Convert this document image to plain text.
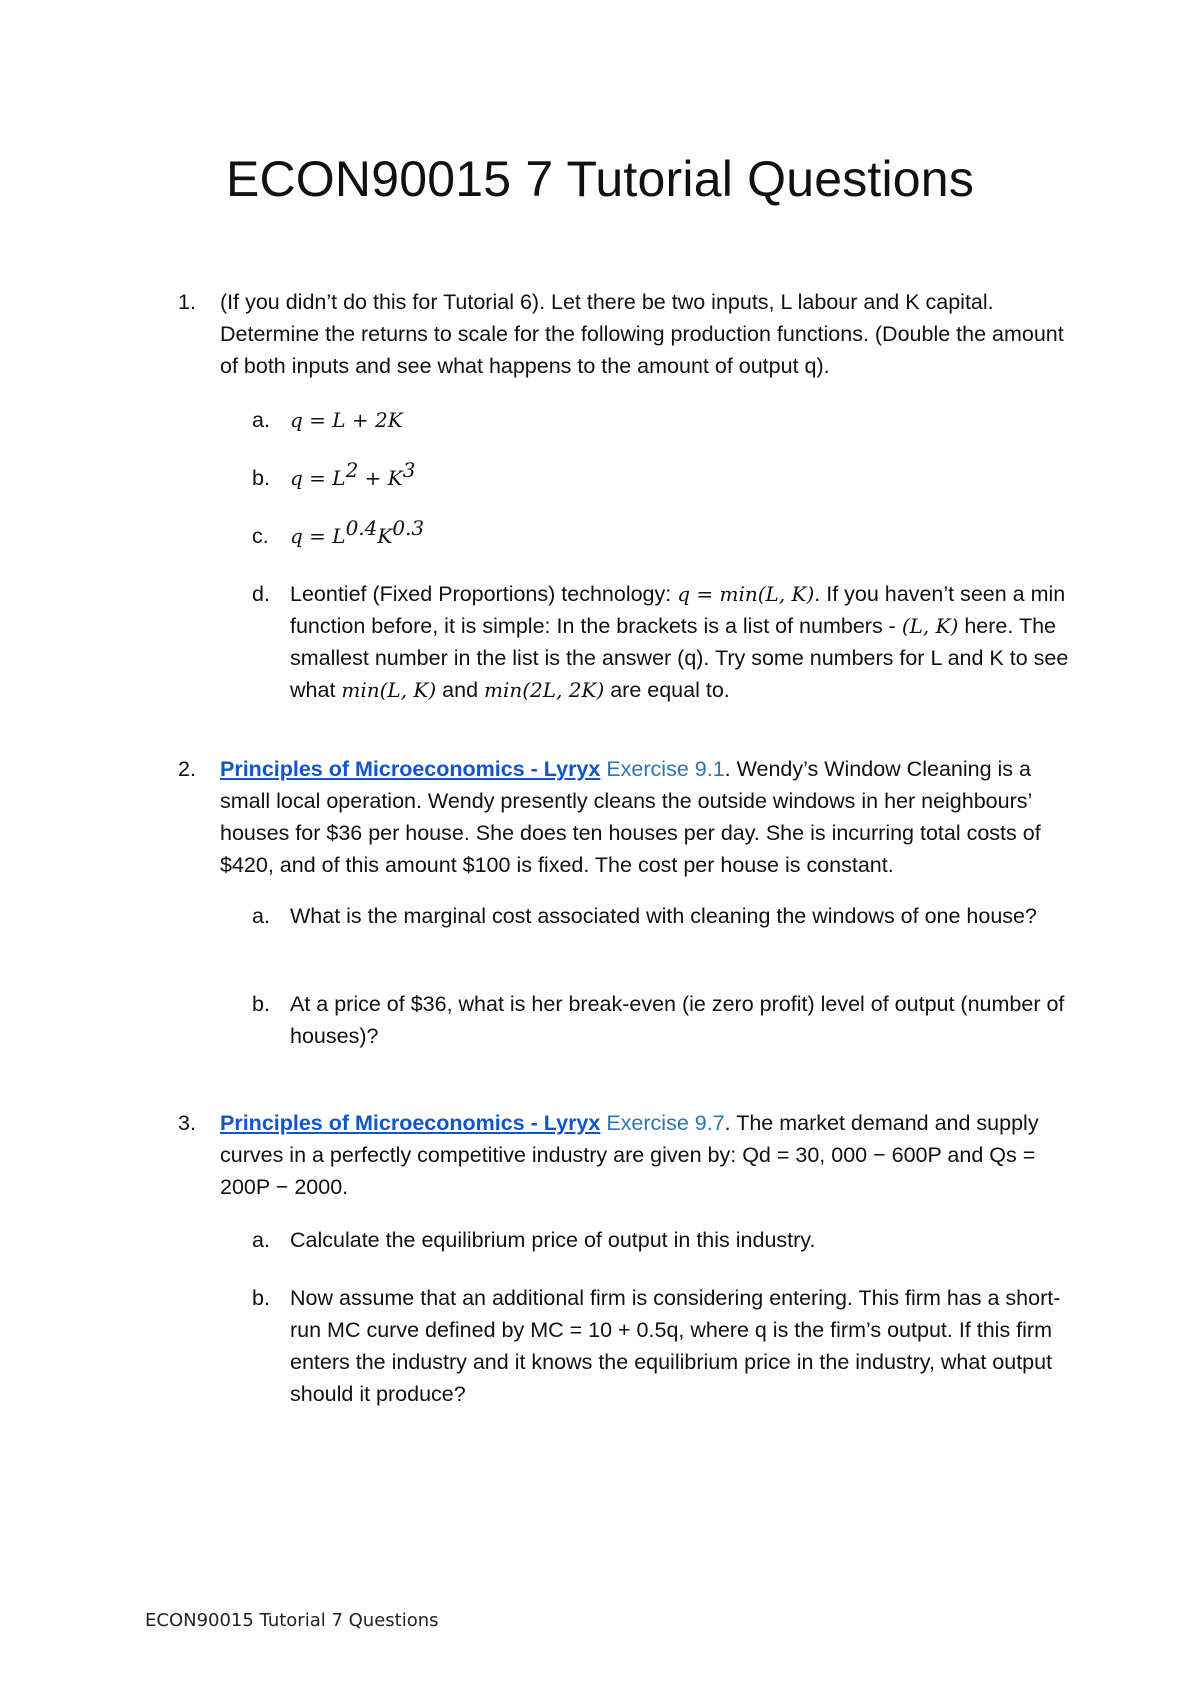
ECON90015 7 Tutorial Questions
1. (If you didn’t do this for Tutorial 6). Let there be two inputs, L labour and K capital. Determine the returns to scale for the following production functions. (Double the amount of both inputs and see what happens to the amount of output q).
a. q = L + 2K
b. $q = L^2 + K^3$
c. $q = L^{0.4}K^{0.3}$
d. Leontief (Fixed Proportions) technology: q = min(L, K). If you haven’t seen a min function before, it is simple: In the brackets is a list of numbers - (L, K) here. The smallest number in the list is the answer (q). Try some numbers for L and K to see what min(L, K) and min(2L, 2K) are equal to.
2. Principles of Microeconomics - Lyryx Exercise 9.1. Wendy’s Window Cleaning is a small local operation. Wendy presently cleans the outside windows in her neighbours’ houses for $36 per house. She does ten houses per day. She is incurring total costs of $420, and of this amount $100 is fixed. The cost per house is constant.
a. What is the marginal cost associated with cleaning the windows of one house?
b. At a price of $36, what is her break-even (ie zero profit) level of output (number of houses)?
3. Principles of Microeconomics - Lyryx Exercise 9.7. The market demand and supply curves in a perfectly competitive industry are given by: Qd = 30, 000 − 600P and Qs = 200P − 2000.
a. Calculate the equilibrium price of output in this industry.
b. Now assume that an additional firm is considering entering. This firm has a short-run MC curve defined by MC = 10 + 0.5q, where q is the firm’s output. If this firm enters the industry and it knows the equilibrium price in the industry, what output should it produce?
ECON90015 Tutorial 7 Questions
